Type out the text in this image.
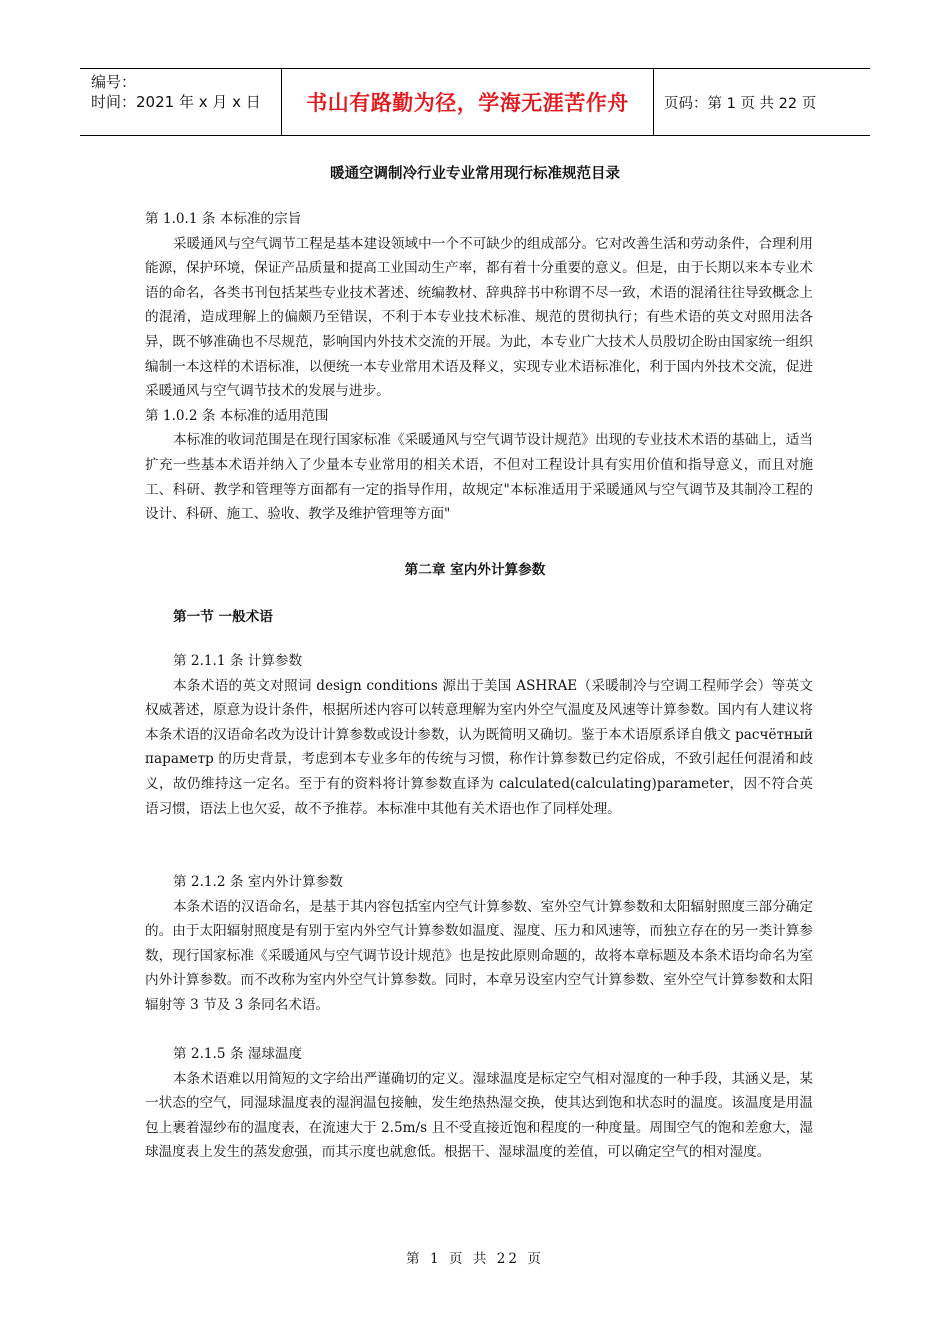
编号：
时间：2021 年 x 月 x 日	书山有路勤为径，学海无涯苦作舟 页码：第 1 页 共 22 页
暖通空调制冷行业专业常用现行标准规范目录

第 1.0.1 条 本标准的宗旨

采暖通风与空气调节工程是基本建设领域中一个不可缺少的组成部分。它对改善生活和劳动条件，合理利用能源，保护环境，保证产品质量和提高工业国动生产率，都有着十分重要的意义。但是，由于长期以来本专业术语的命名，各类书刊包括某些专业技术著述、统编教材、辞典辞书中称谓不尽一致，术语的混淆往往导致概念上的混淆，造成理解上的偏颇乃至错误，不利于本专业技术标准、规范的贯彻执行；有些术语的英文对照用法各异，既不够准确也不尽规范，影响国内外技术交流的开展。为此，本专业广大技术人员殷切企盼由国家统一组织编制一本这样的术语标准，以便统一本专业常用术语及释义，实现专业术语标准化，利于国内外技术交流，促进采暖通风与空气调节技术的发展与进步。

第 1.0.2 条 本标准的适用范围

本标准的收词范围是在现行国家标准《采暖通风与空气调节设计规范》出现的专业技术术语的基础上，适当扩充一些基本术语并纳入了少量本专业常用的相关术语，不但对工程设计具有实用价值和指导意义，而且对施工、科研、教学和管理等方面都有一定的指导作用，故规定"本标准适用于采暖通风与空气调节及其制冷工程的设计、科研、施工、验收、教学及维护管理等方面"

第二章 室内外计算参数
第一节 一般术语

第 2.1.1 条 计算参数

本条术语的英文对照词 design conditions 源出于美国 ASHRAE（采暖制冷与空调工程师学会）等英文权威著述，原意为设计条件，根据所述内容可以转意理解为室内外空气温度及风速等计算参数。国内有人建议将本条术语的汉语命名改为设计计算参数或设计参数，认为既简明又确切。鉴于本术语原系译自俄文 расчётный параметр 的历史背景，考虑到本专业多年的传统与习惯，称作计算参数已约定俗成，不致引起任何混淆和歧义，故仍维持这一定名。至于有的资料将计算参数直译为 calculated(calculating)parameter，因不符合英语习惯，语法上也欠妥，故不予推荐。本标准中其他有关术语也作了同样处理。

第 2.1.2 条 室内外计算参数

本条术语的汉语命名，是基于其内容包括室内空气计算参数、室外空气计算参数和太阳辐射照度三部分确定的。由于太阳辐射照度是有别于室内外空气计算参数如温度、湿度、压力和风速等，而独立存在的另一类计算参数，现行国家标准《采暖通风与空气调节设计规范》也是按此原则命题的，故将本章标题及本条术语均命名为室内外计算参数。而不改称为室内外空气计算参数。同时，本章另设室内空气计算参数、室外空气计算参数和太阳辐射等 3 节及 3 条同名术语。

第 2.1.5 条 湿球温度

本条术语难以用简短的文字给出严谨确切的定义。湿球温度是标定空气相对湿度的一种手段，其涵义是，某一状态的空气，同湿球温度表的湿润温包接触，发生绝热热湿交换，使其达到饱和状态时的温度。该温度是用温包上裹着湿纱布的温度表，在流速大于 2.5m/s 且不受直接近饱和程度的一种度量。周围空气的饱和差愈大，湿球温度表上发生的蒸发愈强，而其示度也就愈低。根据干、湿球温度的差值，可以确定空气的相对湿度。

第 1 页 共 22 页
